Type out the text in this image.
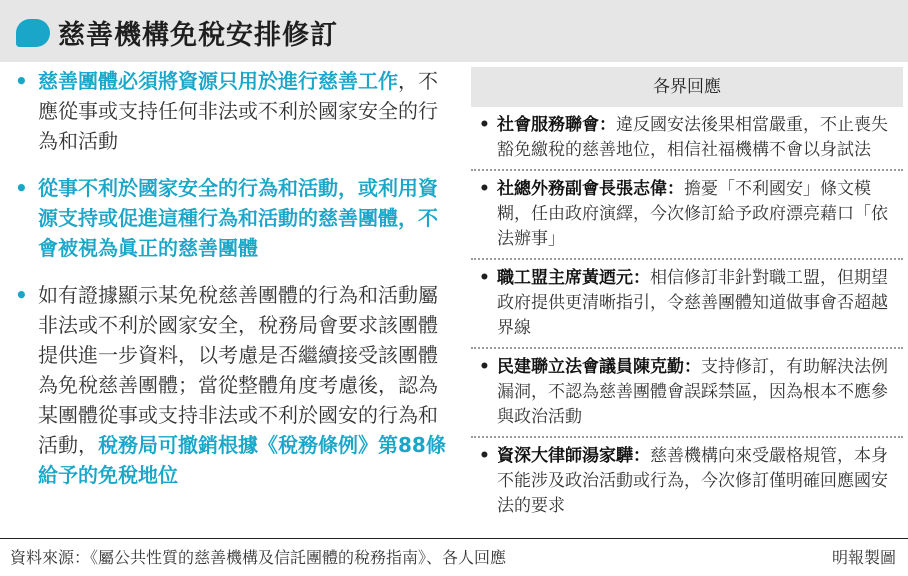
慈善機構免稅安排修訂
• 慈善團體必須將資源只用於進行慈善工作，不應從事或支持任何非法或不利於國家安全的行為和活動
• 從事不利於國家安全的行為和活動，或利用資源支持或促進這種行為和活動的慈善團體，不會被視為眞正的慈善團體
• 如有證據顯示某免稅慈善團體的行為和活動屬非法或不利於國家安全，稅務局會要求該團體提供進一步資料，以考慮是否繼續接受該團體為免稅慈善團體；當從整體角度考慮後，認為某團體從事或支持非法或不利於國安的行為和活動，稅務局可撤銷根據《稅務條例》第88條給予的免稅地位
各界回應
• 社會服務聯會：違反國安法後果相當嚴重，不止喪失豁免繳稅的慈善地位，相信社福機構不會以身試法
• 社總外務副會長張志偉：擔憂「不利國安」條文模糊，任由政府演繹，今次修訂給予政府漂亮藉口「依法辦事」
• 職工盟主席黃迺元：相信修訂非針對職工盟，但期望政府提供更清晰指引，令慈善團體知道做事會否超越界線
• 民建聯立法會議員陳克勤：支持修訂，有助解決法例漏洞，不認為慈善團體會誤踩禁區，因為根本不應參與政治活動
• 資深大律師湯家驊：慈善機構向來受嚴格規管，本身不能涉及政治活動或行為，今次修訂僅明確回應國安法的要求
資料來源：《屬公共性質的慈善機構及信託團體的稅務指南》、各人回應	明報製圖
